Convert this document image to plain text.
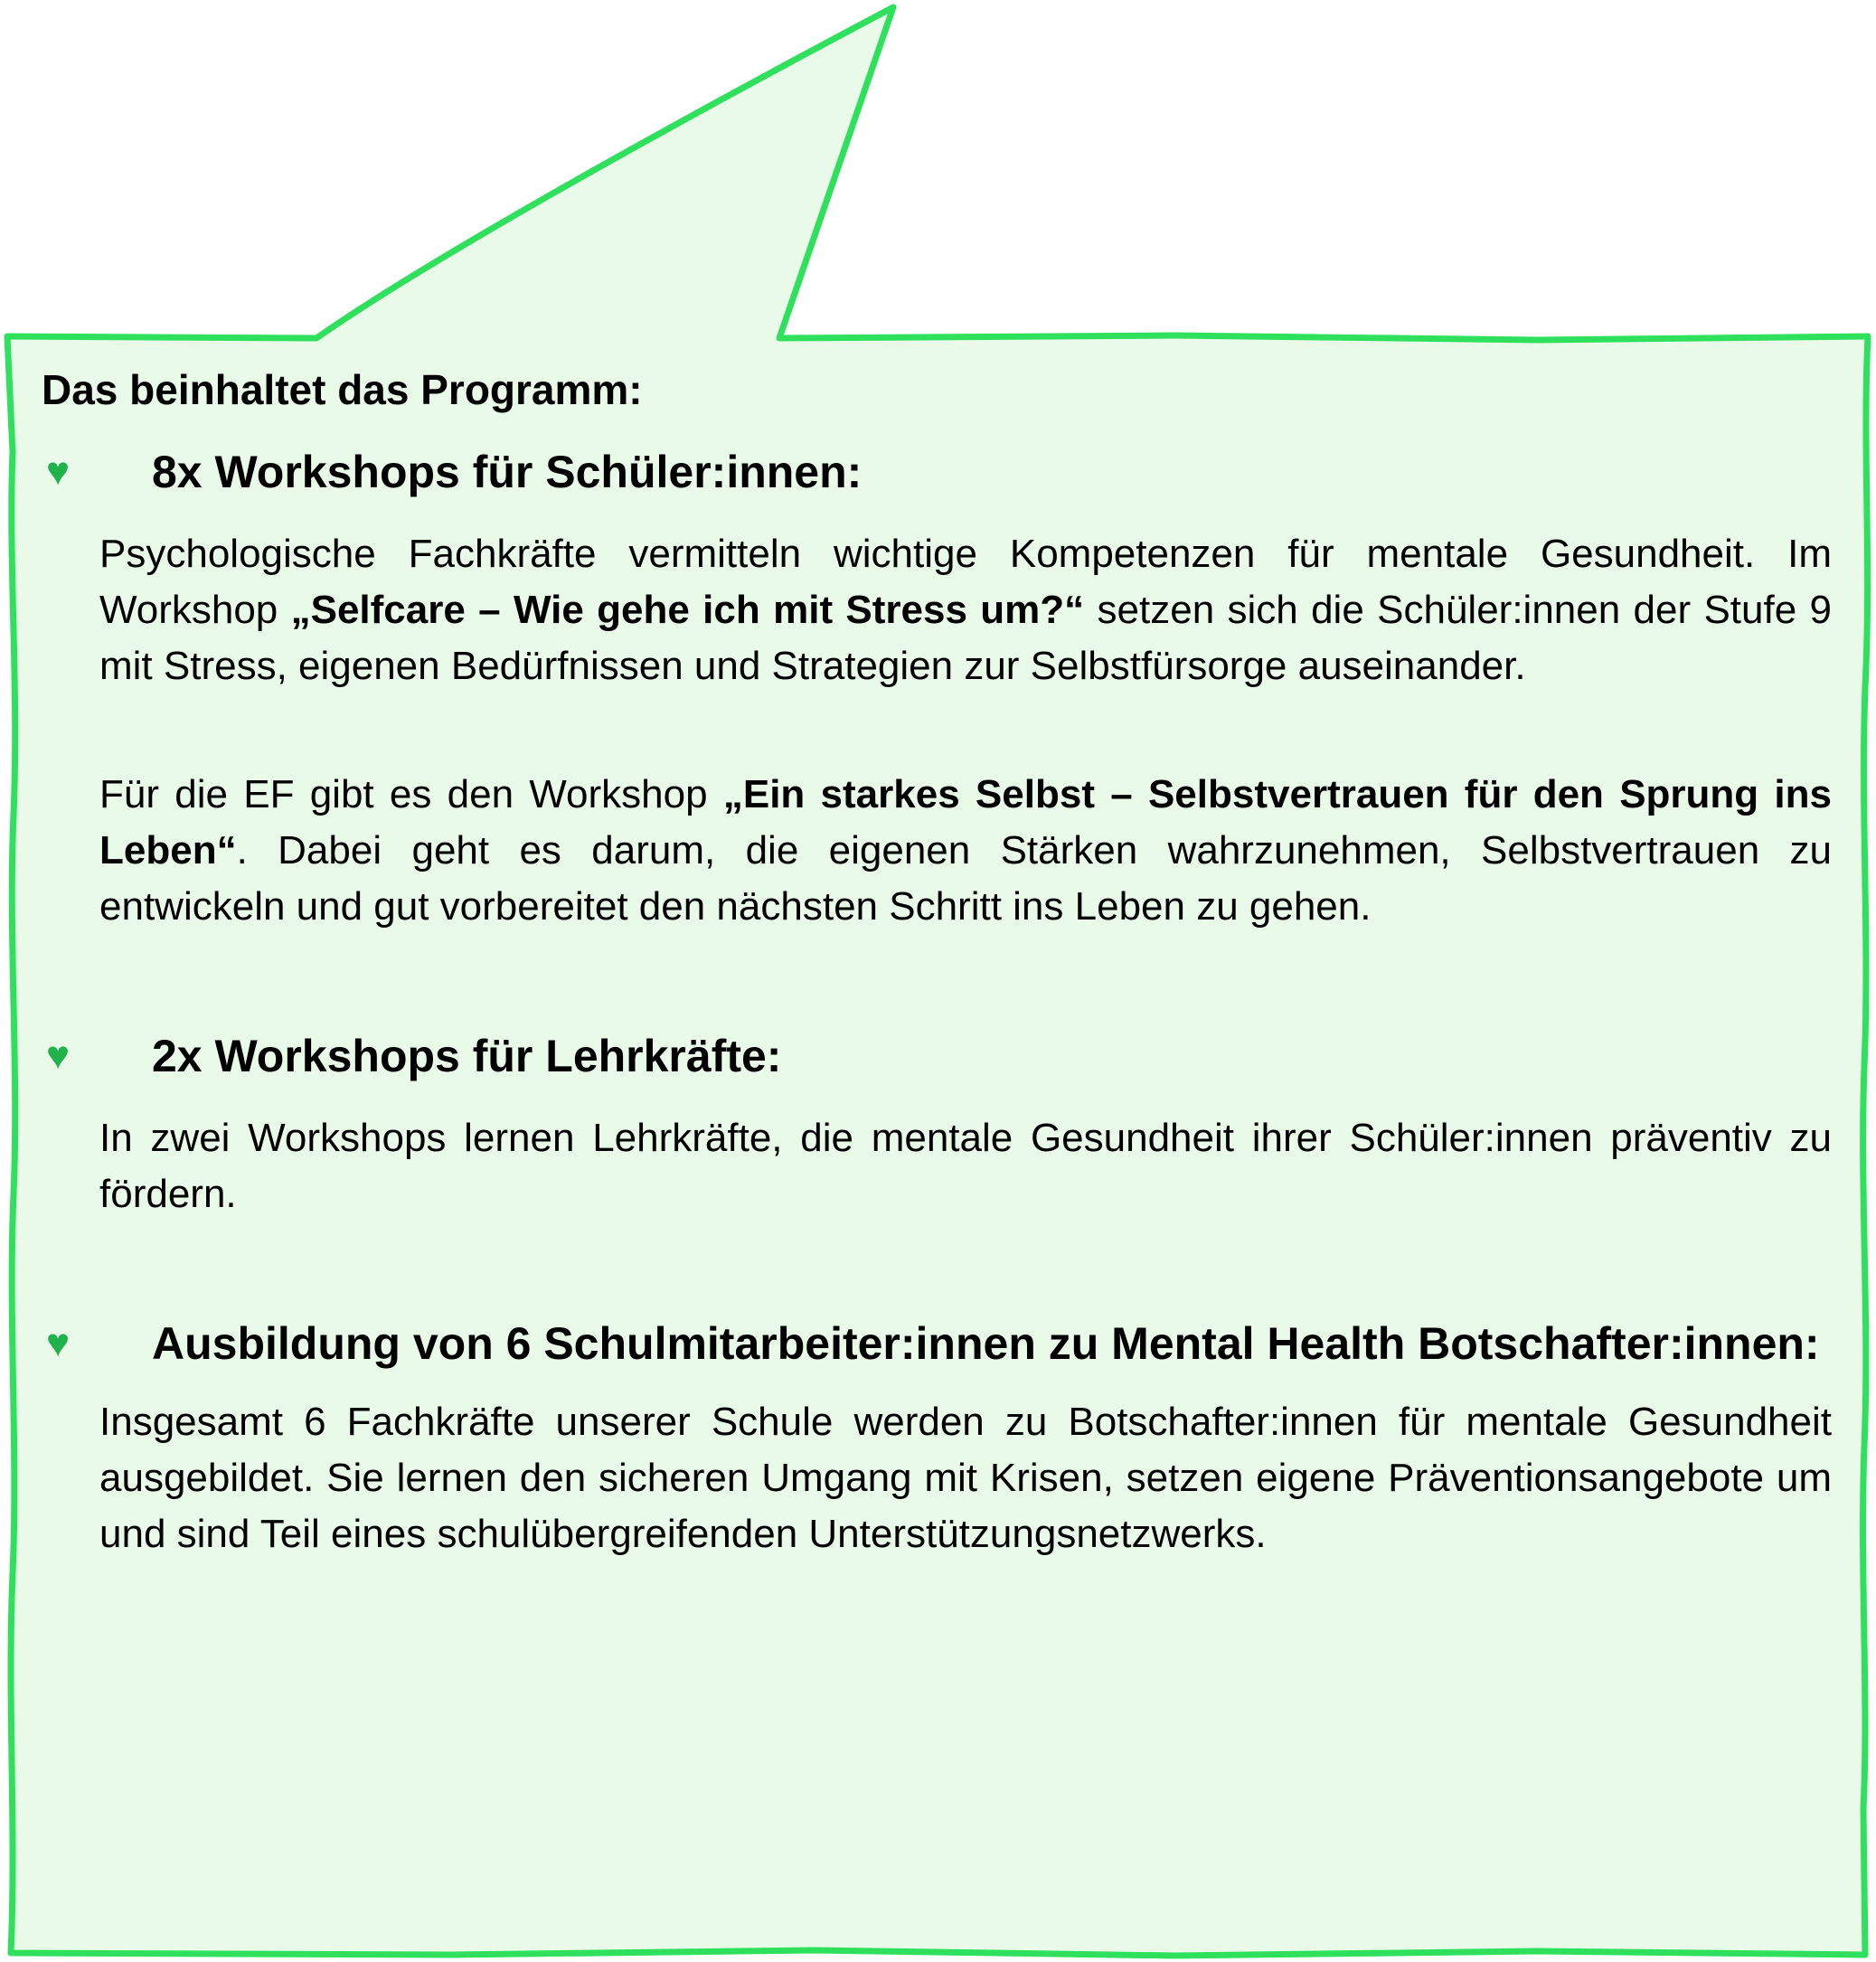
Das beinhaltet das Programm:
♥ 8x Workshops für Schüler:innen:
Psychologische Fachkräfte vermitteln wichtige Kompetenzen für mentale Gesundheit. Im Workshop „Selfcare – Wie gehe ich mit Stress um?“ setzen sich die Schüler:innen der Stufe 9 mit Stress, eigenen Bedürfnissen und Strategien zur Selbstfürsorge auseinander.
Für die EF gibt es den Workshop „Ein starkes Selbst – Selbstvertrauen für den Sprung ins Leben“. Dabei geht es darum, die eigenen Stärken wahrzunehmen, Selbstvertrauen zu entwickeln und gut vorbereitet den nächsten Schritt ins Leben zu gehen.
♥ 2x Workshops für Lehrkräfte:
In zwei Workshops lernen Lehrkräfte, die mentale Gesundheit ihrer Schüler:innen präventiv zu fördern.
♥ Ausbildung von 6 Schulmitarbeiter:innen zu Mental Health Botschafter:innen:
Insgesamt 6 Fachkräfte unserer Schule werden zu Botschafter:innen für mentale Gesundheit ausgebildet. Sie lernen den sicheren Umgang mit Krisen, setzen eigene Präventionsangebote um und sind Teil eines schulübergreifenden Unterstützungsnetzwerks.
